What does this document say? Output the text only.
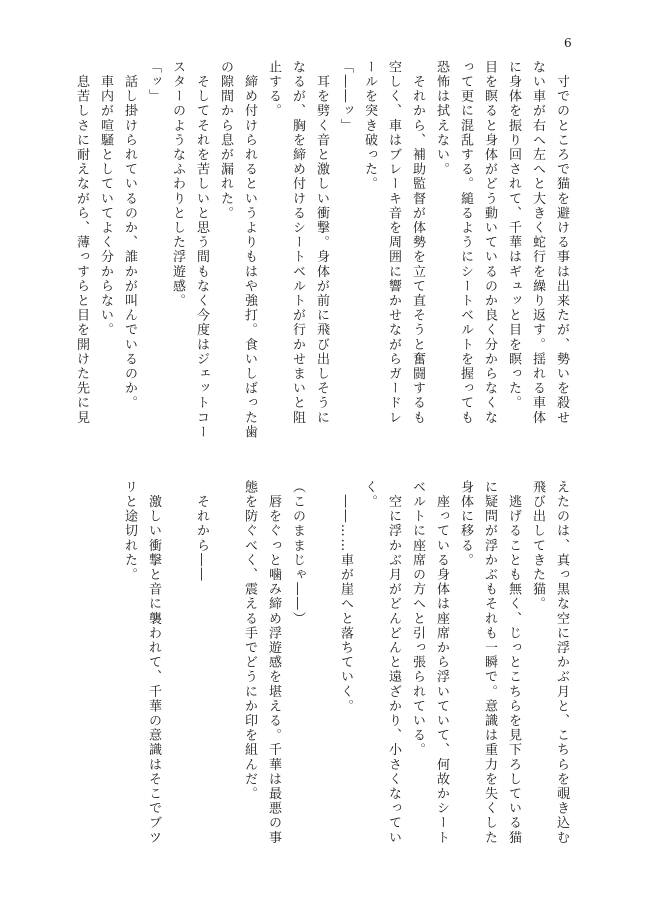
6
　寸でのところで猫を避ける事は出来たが、勢いを殺せ
ない車が右へ左へと大きく蛇行を繰り返す。揺れる車体
に身体を振り回されて、千華はギュッと目を瞑った。
目を瞑ると身体がどう動いているのか良く分からなくな
って更に混乱する。縋るようにシートベルトを握っても
恐怖は拭えない。
　それから、補助監督が体勢を立て直そうと奮闘するも
空しく、車はブレーキ音を周囲に響かせながらガードレ
ールを突き破った。
「――ッ」
　耳を劈く音と激しい衝撃。身体が前に飛び出しそうに
なるが、胸を締め付けるシートベルトが行かせまいと阻
止する。
　締め付けられるというよりもはや強打。食いしばった歯
の隙間から息が漏れた。
　そしてそれを苦しいと思う間もなく今度はジェットコー
スターのようなふわりとした浮遊感。
「ッ」
　話し掛けられているのか、誰かが叫んでいるのか。
　車内が喧騒としていてよく分からない。
　息苦しさに耐えながら、薄っすらと目を開けた先に見
えたのは、真っ黒な空に浮かぶ月と、こちらを覗き込む
飛び出してきた猫。
　逃げることも無く、じっとこちらを見下ろしている猫
に疑問が浮かぶもそれも一瞬で。意識は重力を失くした
身体に移る。
　座っている身体は座席から浮いていて、何故かシート
ベルトに座席の方へと引っ張られている。
　空に浮かぶ月がどんどんと遠ざかり、小さくなってい
く。
　――……車が崖へと落ちていく。

（このままじゃ――）
　唇をぐっと噛み締め浮遊感を堪える。千華は最悪の事
態を防ぐべく、震える手でどうにか印を組んだ。

　それから――

　激しい衝撃と音に襲われて、千華の意識はそこでブツ
リと途切れた。
